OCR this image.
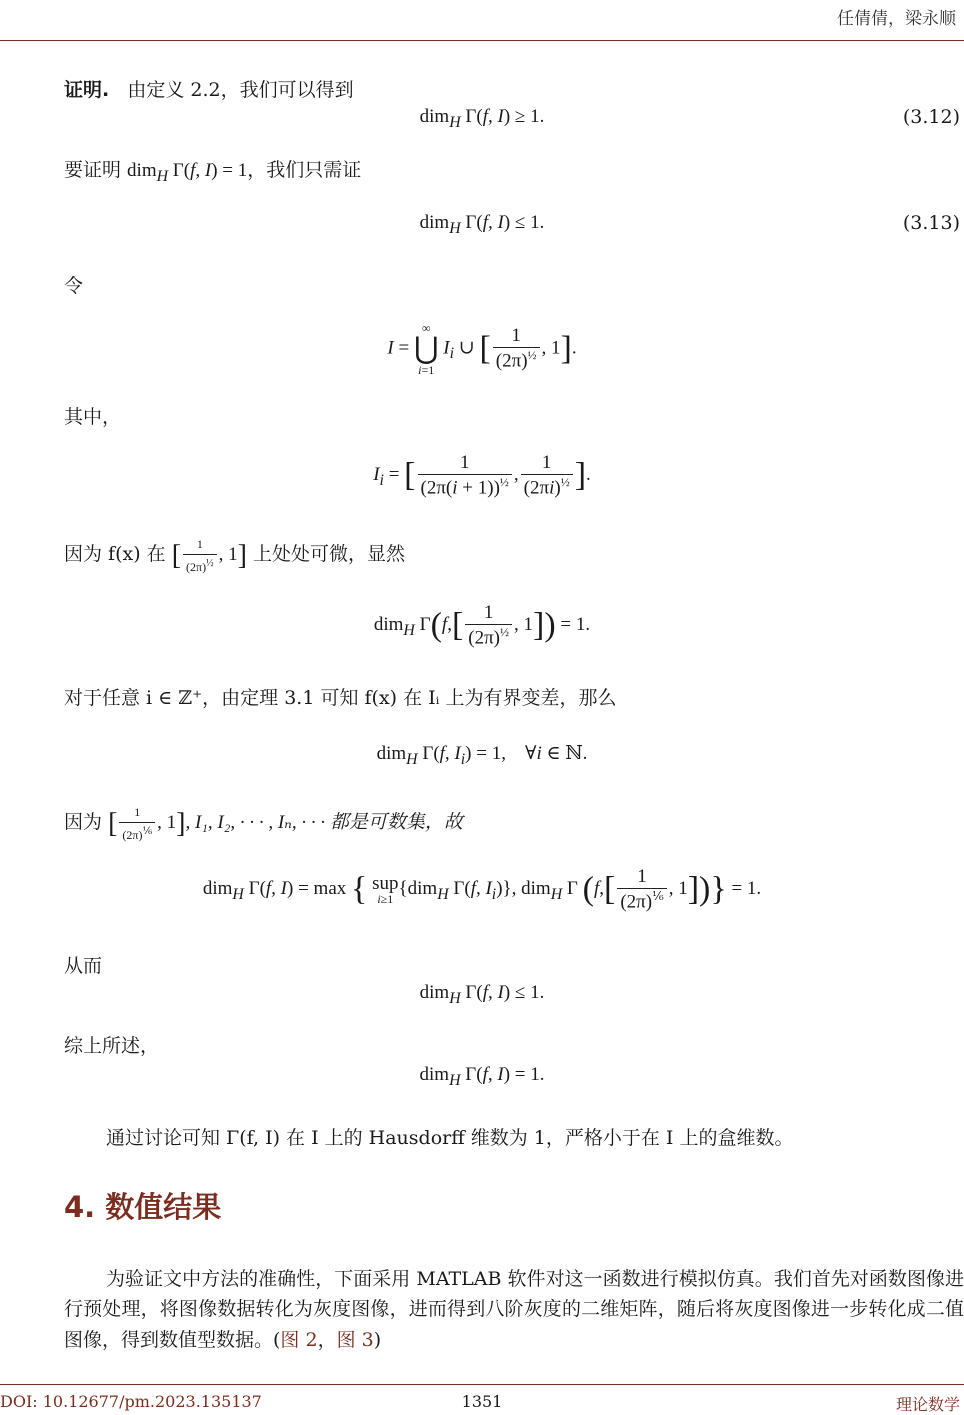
任倩倩，梁永顺
证明. 由定义 2.2，我们可以得到
dim$_H$ Γ(f, I) ≥ 1.	(3.12)
要证明 dim$_H$ Γ(f, I) = 1，我们只需证
dim$_H$ Γ(f, I) ≤ 1.	(3.13)
令
I =
∞
⋃
i=1
$I_i$ ∪ [ $\frac{1}{(2\pi)^{\frac{1}{2}}}$ , 1].
其中，
$I_i$ = [ $\frac{1}{(2\pi(i + 1))^{\frac{1}{2}}}$ , $\frac{1}{(2\pi i)^{\frac{1}{2}}}$ ].
因为 f(x) 在 [ $\frac{1}{(2\pi)^{\frac{1}{2}}}$ , 1] 上处处可微，显然
dim$_H$ $\Gamma(f,[ \frac{1}{(2\pi)^{\frac{1}{2}}}$ , 1]) = 1.
对于任意 i ∈ ℤ⁺，由定理 3.1 可知 f(x) 在 Iᵢ 上为有界变差，那么
dim$_H$ Γ(f, $I_i) = 1$, ∀i ∈ ℕ.
因为 [ $\frac{1}{(2\pi)^{\frac{1}{6}}}$ , 1], I₁, I₂, · · · , Iₙ, · · · 都是可数集，故
dim$_H$ Γ(f, I) = max { sup
i≥1
{dim$_H$ Γ(f, $I_i$)}, dim$_H$ Γ ($f,[ \frac{1}{(2\pi)^{\frac{1}{6}}}$ , 1])} = 1.
从而
dim$_H$ Γ(f, I) ≤ 1.
综上所述，
dim$_H$ Γ(f, I) = 1.
通过讨论可知 Γ(f, I) 在 I 上的 Hausdorff 维数为 1，严格小于在 I 上的盒维数。
4. 数值结果
为验证文中方法的准确性，下面采用 MATLAB 软件对这一函数进行模拟仿真。我们首先对函数图像进行预处理，将图像数据转化为灰度图像，进而得到八阶灰度的二维矩阵，随后将灰度图像进一步转化成二值图像，得到数值型数据。(图 2，图 3)
DOI: 10.12677/pm.2023.135137	1351	理论数学
